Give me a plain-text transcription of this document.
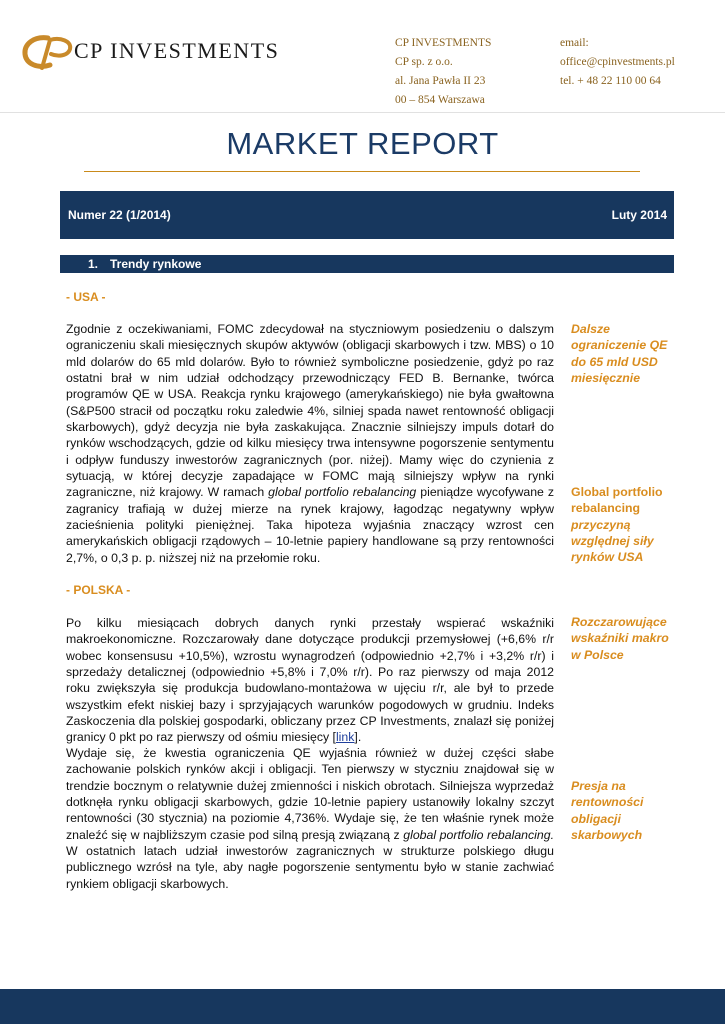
CP INVESTMENTS	CP INVESTMENTS
CP sp. z o.o.
al. Jana Pawła II 23
00 – 854 Warszawa
email:
office@cpinvestments.pl
tel. + 48 22 110 00 64
MARKET REPORT
Numer 22 (1/2014)	Luty 2014
1. Trendy rynkowe
- USA -
Zgodnie z oczekiwaniami, FOMC zdecydował na styczniowym posiedzeniu o dalszym ograniczeniu skali miesięcznych skupów aktywów (obligacji skarbowych i tzw. MBS) o 10 mld dolarów do 65 mld dolarów. Było to również symboliczne posiedzenie, gdyż po raz ostatni brał w nim udział odchodzący przewodniczący FED B. Bernanke, twórca programów QE w USA. Reakcja rynku krajowego (amerykańskiego) nie była gwałtowna (S&P500 stracił od początku roku zaledwie 4%, silniej spada nawet rentowność obligacji skarbowych), gdyż decyzja nie była zaskakująca. Znacznie silniejszy impuls dotarł do rynków wschodzących, gdzie od kilku miesięcy trwa intensywne pogorszenie sentymentu i odpływ funduszy inwestorów zagranicznych (por. niżej). Mamy więc do czynienia z sytuacją, w której decyzje zapadające w FOMC mają silniejszy wpływ na rynki zagraniczne, niż krajowy. W ramach global portfolio rebalancing pieniądze wycofywane z zagranicy trafiają w dużej mierze na rynek krajowy, łagodząc negatywny wpływ zacieśnienia polityki pieniężnej. Taka hipoteza wyjaśnia znaczący wzrost cen amerykańskich obligacji rządowych – 10-letnie papiery handlowane są przy rentowności 2,7%, o 0,3 p. p. niższej niż na przełomie roku.
Dalsze ograniczenie QE do 65 mld USD miesięcznie
Global portfolio rebalancing przyczyną względnej siły rynków USA
- POLSKA -
Po kilku miesiącach dobrych danych rynki przestały wspierać wskaźniki makroekonomiczne. Rozczarowały dane dotyczące produkcji przemysłowej (+6,6% r/r wobec konsensusu +10,5%), wzrostu wynagrodzeń (odpowiednio +2,7% i +3,2% r/r) i sprzedaży detalicznej (odpowiednio +5,8% i 7,0% r/r). Po raz pierwszy od maja 2012 roku zwiększyła się produkcja budowlano-montażowa w ujęciu r/r, ale był to przede wszystkim efekt niskiej bazy i sprzyjających warunków pogodowych w grudniu. Indeks Zaskoczenia dla polskiej gospodarki, obliczany przez CP Investments, znalazł się poniżej granicy 0 pkt po raz pierwszy od ośmiu miesięcy [link].
Wydaje się, że kwestia ograniczenia QE wyjaśnia również w dużej części słabe zachowanie polskich rynków akcji i obligacji. Ten pierwszy w styczniu znajdował się w trendzie bocznym o relatywnie dużej zmienności i niskich obrotach. Silniejsza wyprzedaż dotknęła rynku obligacji skarbowych, gdzie 10-letnie papiery ustanowiły lokalny szczyt rentowności (30 stycznia) na poziomie 4,736%. Wydaje się, że ten właśnie rynek może znaleźć się w najbliższym czasie pod silną presją związaną z global portfolio rebalancing. W ostatnich latach udział inwestorów zagranicznych w strukturze polskiego długu publicznego wzrósł na tyle, aby nagłe pogorszenie sentymentu było w stanie zachwiać rynkiem obligacji skarbowych.
Rozczarowujące wskaźniki makro w Polsce
Presja na rentowności obligacji skarbowych
